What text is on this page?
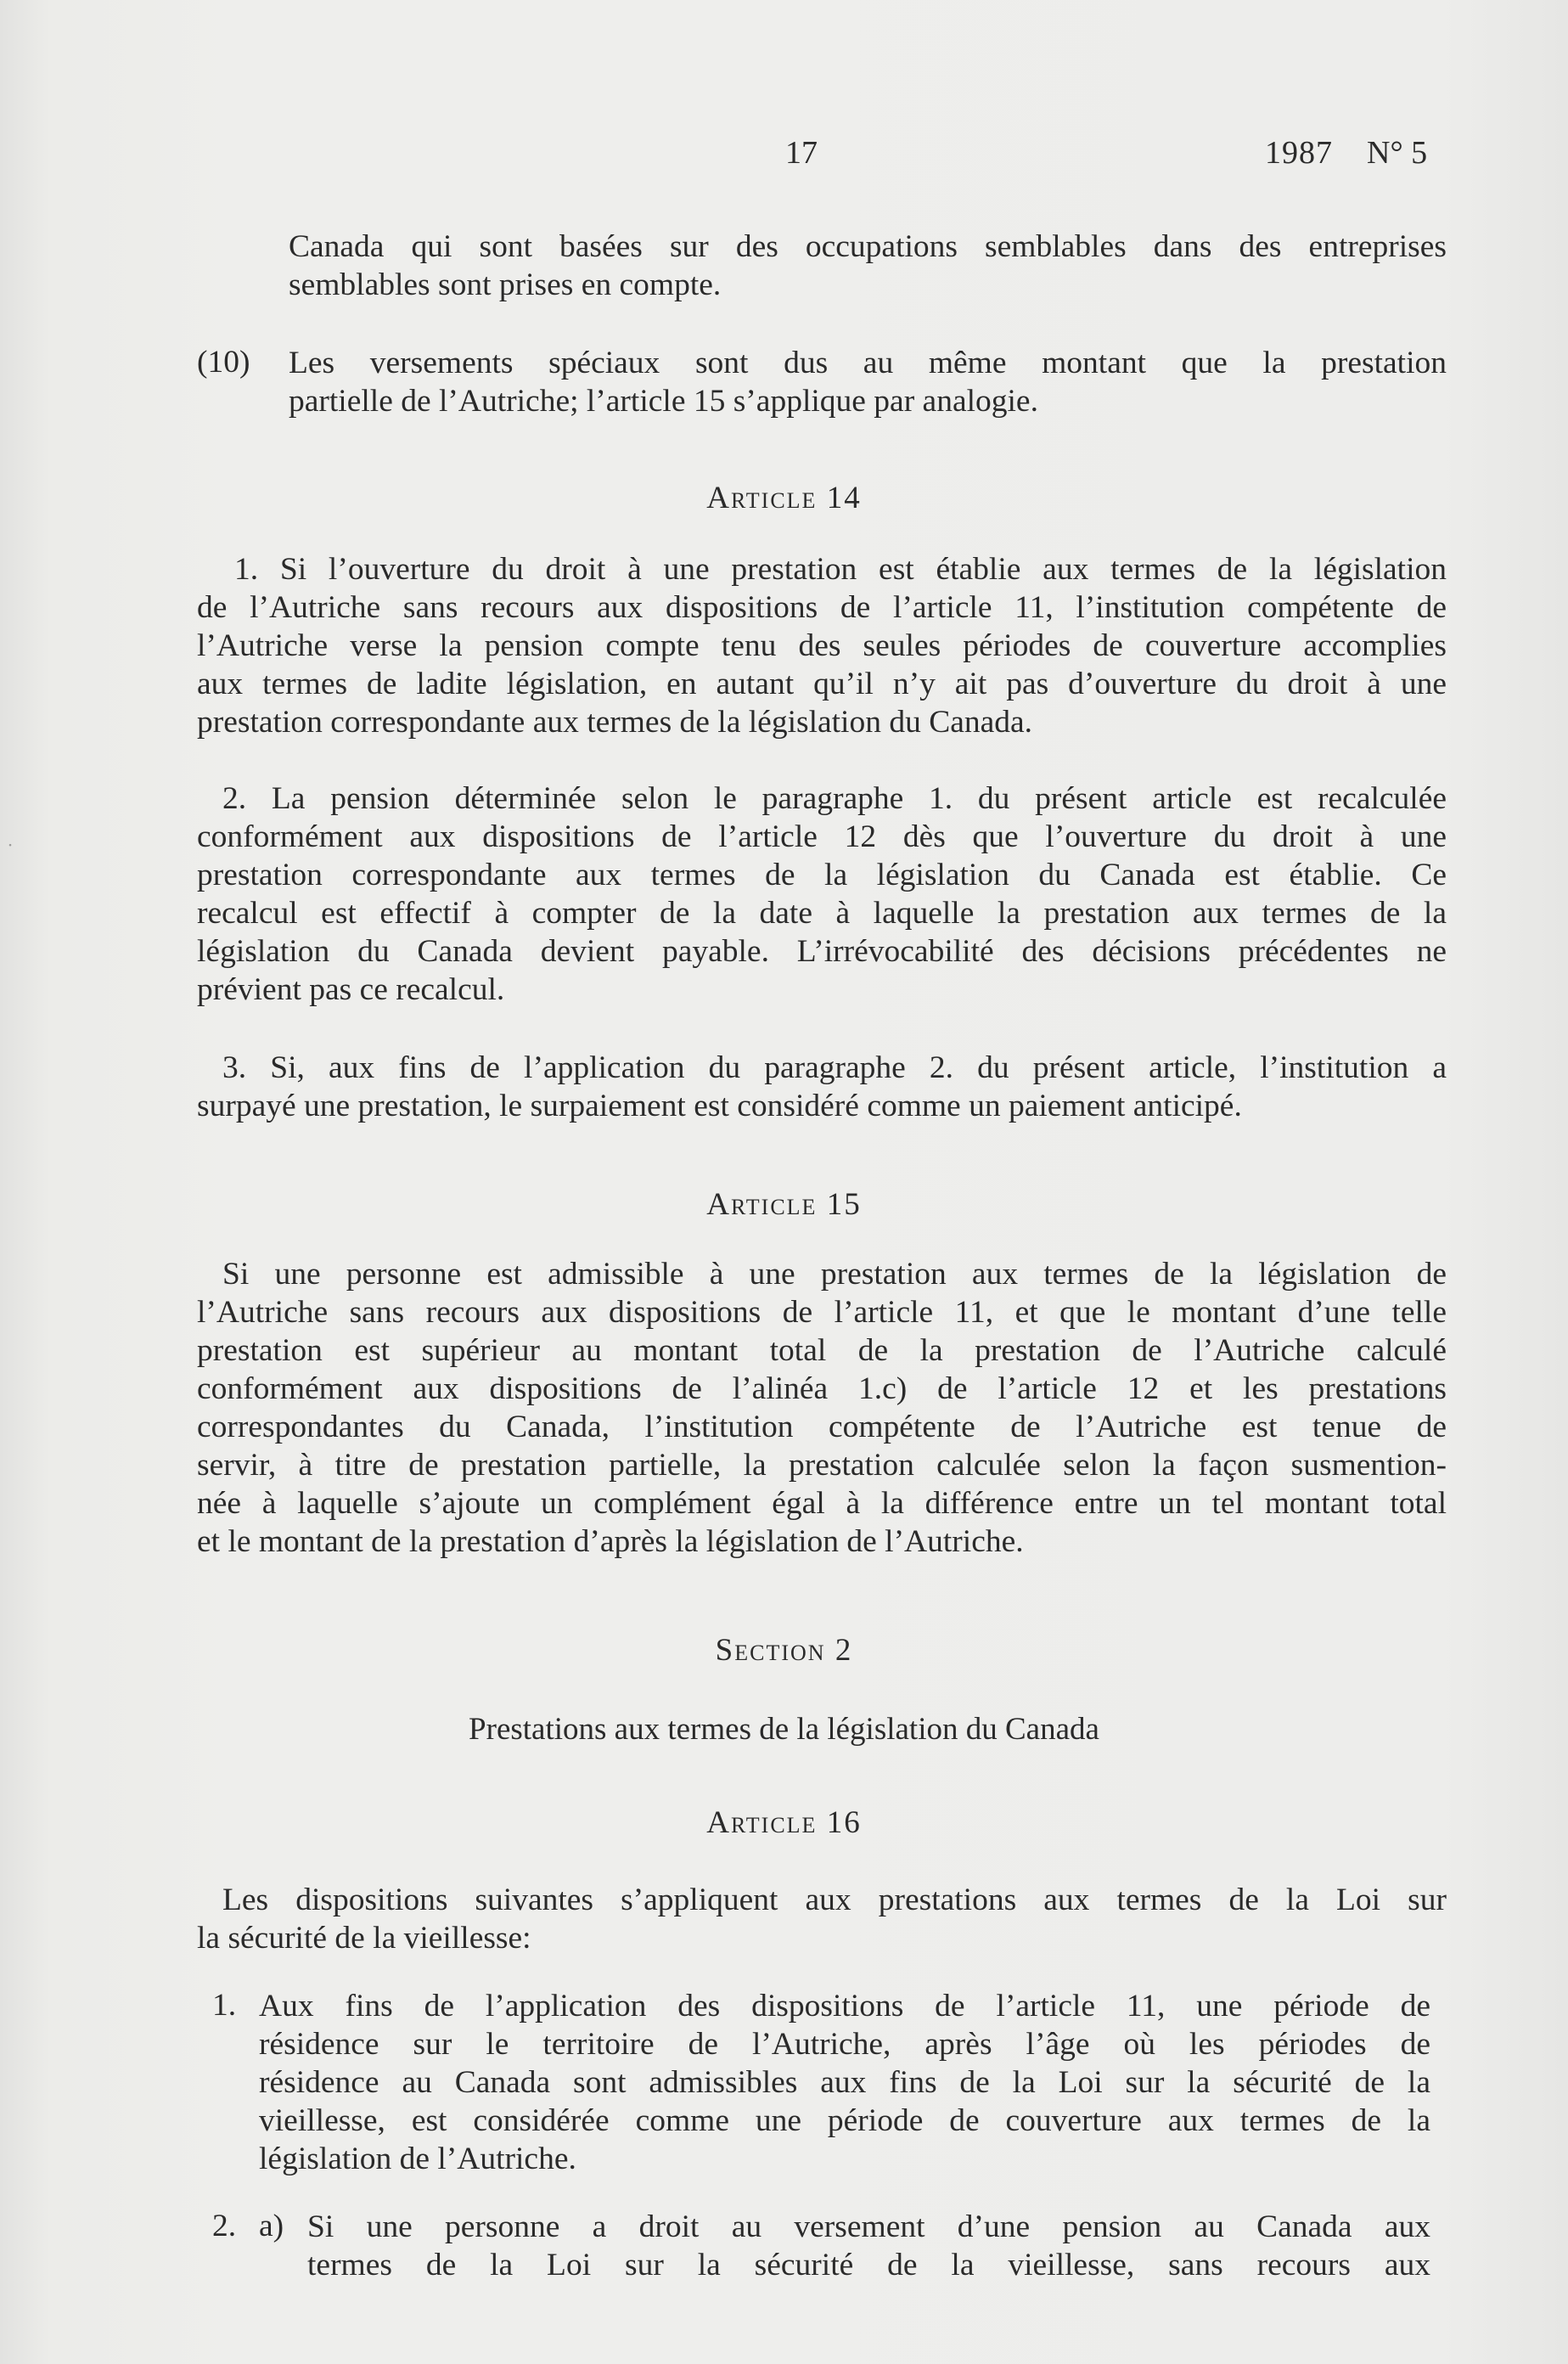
˙
17	1987 N° 5
Canada qui sont basées sur des occupations semblables dans des entreprises
semblables sont prises en compte.
(10) Les versements spéciaux sont dus au même montant que la prestation
partielle de l’Autriche; l’article 15 s’applique par analogie.
Article 14
1. Si l’ouverture du droit à une prestation est établie aux termes de la législation
de l’Autriche sans recours aux dispositions de l’article 11, l’institution compétente de
l’Autriche verse la pension compte tenu des seules périodes de couverture accomplies
aux termes de ladite législation, en autant qu’il n’y ait pas d’ouverture du droit à une
prestation correspondante aux termes de la législation du Canada.
2. La pension déterminée selon le paragraphe 1. du présent article est recalculée
conformément aux dispositions de l’article 12 dès que l’ouverture du droit à une
prestation correspondante aux termes de la législation du Canada est établie. Ce
recalcul est effectif à compter de la date à laquelle la prestation aux termes de la
législation du Canada devient payable. L’irrévocabilité des décisions précédentes ne
prévient pas ce recalcul.
3. Si, aux fins de l’application du paragraphe 2. du présent article, l’institution a
surpayé une prestation, le surpaiement est considéré comme un paiement anticipé.
Article 15
Si une personne est admissible à une prestation aux termes de la législation de
l’Autriche sans recours aux dispositions de l’article 11, et que le montant d’une telle
prestation est supérieur au montant total de la prestation de l’Autriche calculé
conformément aux dispositions de l’alinéa 1.c) de l’article 12 et les prestations
correspondantes du Canada, l’institution compétente de l’Autriche est tenue de
servir, à titre de prestation partielle, la prestation calculée selon la façon susmention-
née à laquelle s’ajoute un complément égal à la différence entre un tel montant total
et le montant de la prestation d’après la législation de l’Autriche.
Section 2
Prestations aux termes de la législation du Canada
Article 16
Les dispositions suivantes s’appliquent aux prestations aux termes de la Loi sur
la sécurité de la vieillesse:
1. Aux fins de l’application des dispositions de l’article 11, une période de
résidence sur le territoire de l’Autriche, après l’âge où les périodes de
résidence au Canada sont admissibles aux fins de la Loi sur la sécurité de la
vieillesse, est considérée comme une période de couverture aux termes de la
législation de l’Autriche.
2. a) Si une personne a droit au versement d’une pension au Canada aux
termes de la Loi sur la sécurité de la vieillesse, sans recours aux
